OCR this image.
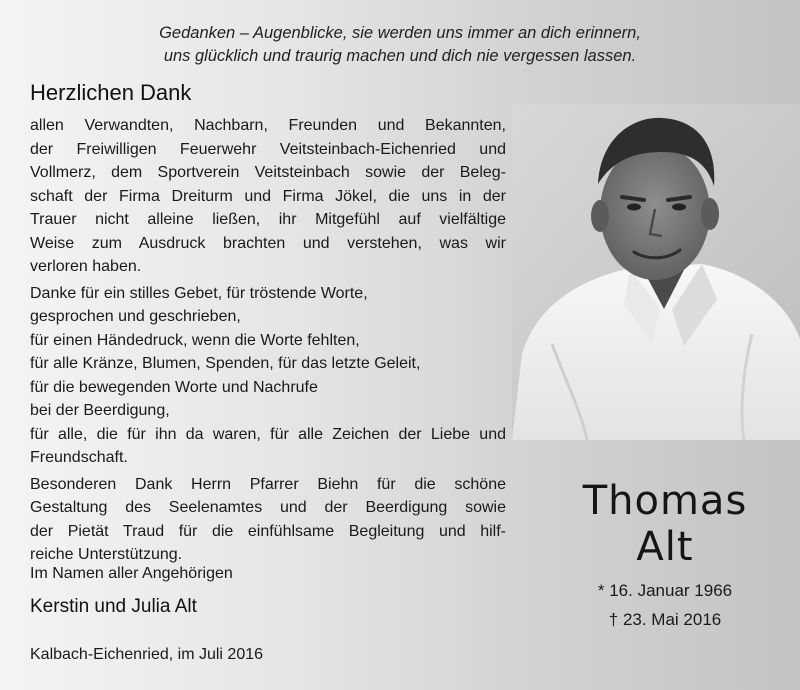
Gedanken – Augenblicke, sie werden uns immer an dich erinnern,
uns glücklich und traurig machen und dich nie vergessen lassen.
Herzlichen Dank
allen Verwandten, Nachbarn, Freunden und Bekannten,
der Freiwilligen Feuerwehr Veitsteinbach-Eichenried und
Vollmerz, dem Sportverein Veitsteinbach sowie der Beleg-
schaft der Firma Dreiturm und Firma Jökel, die uns in der
Trauer nicht alleine ließen, ihr Mitgefühl auf vielfältige
Weise zum Ausdruck brachten und verstehen, was wir
verloren haben.
Danke für ein stilles Gebet, für tröstende Worte,
gesprochen und geschrieben,
für einen Händedruck, wenn die Worte fehlten,
für alle Kränze, Blumen, Spenden, für das letzte Geleit,
für die bewegenden Worte und Nachrufe
bei der Beerdigung,
für alle, die für ihn da waren, für alle Zeichen der Liebe und
Freundschaft.
Besonderen Dank Herrn Pfarrer Biehn für die schöne
Gestaltung des Seelenamtes und der Beerdigung sowie
der Pietät Traud für die einfühlsame Begleitung und hilf-
reiche Unterstützung.
Im Namen aller Angehörigen
Kerstin und Julia Alt
Kalbach-Eichenried, im Juli 2016
Thomas
Alt
* 16. Januar 1966
† 23. Mai 2016
